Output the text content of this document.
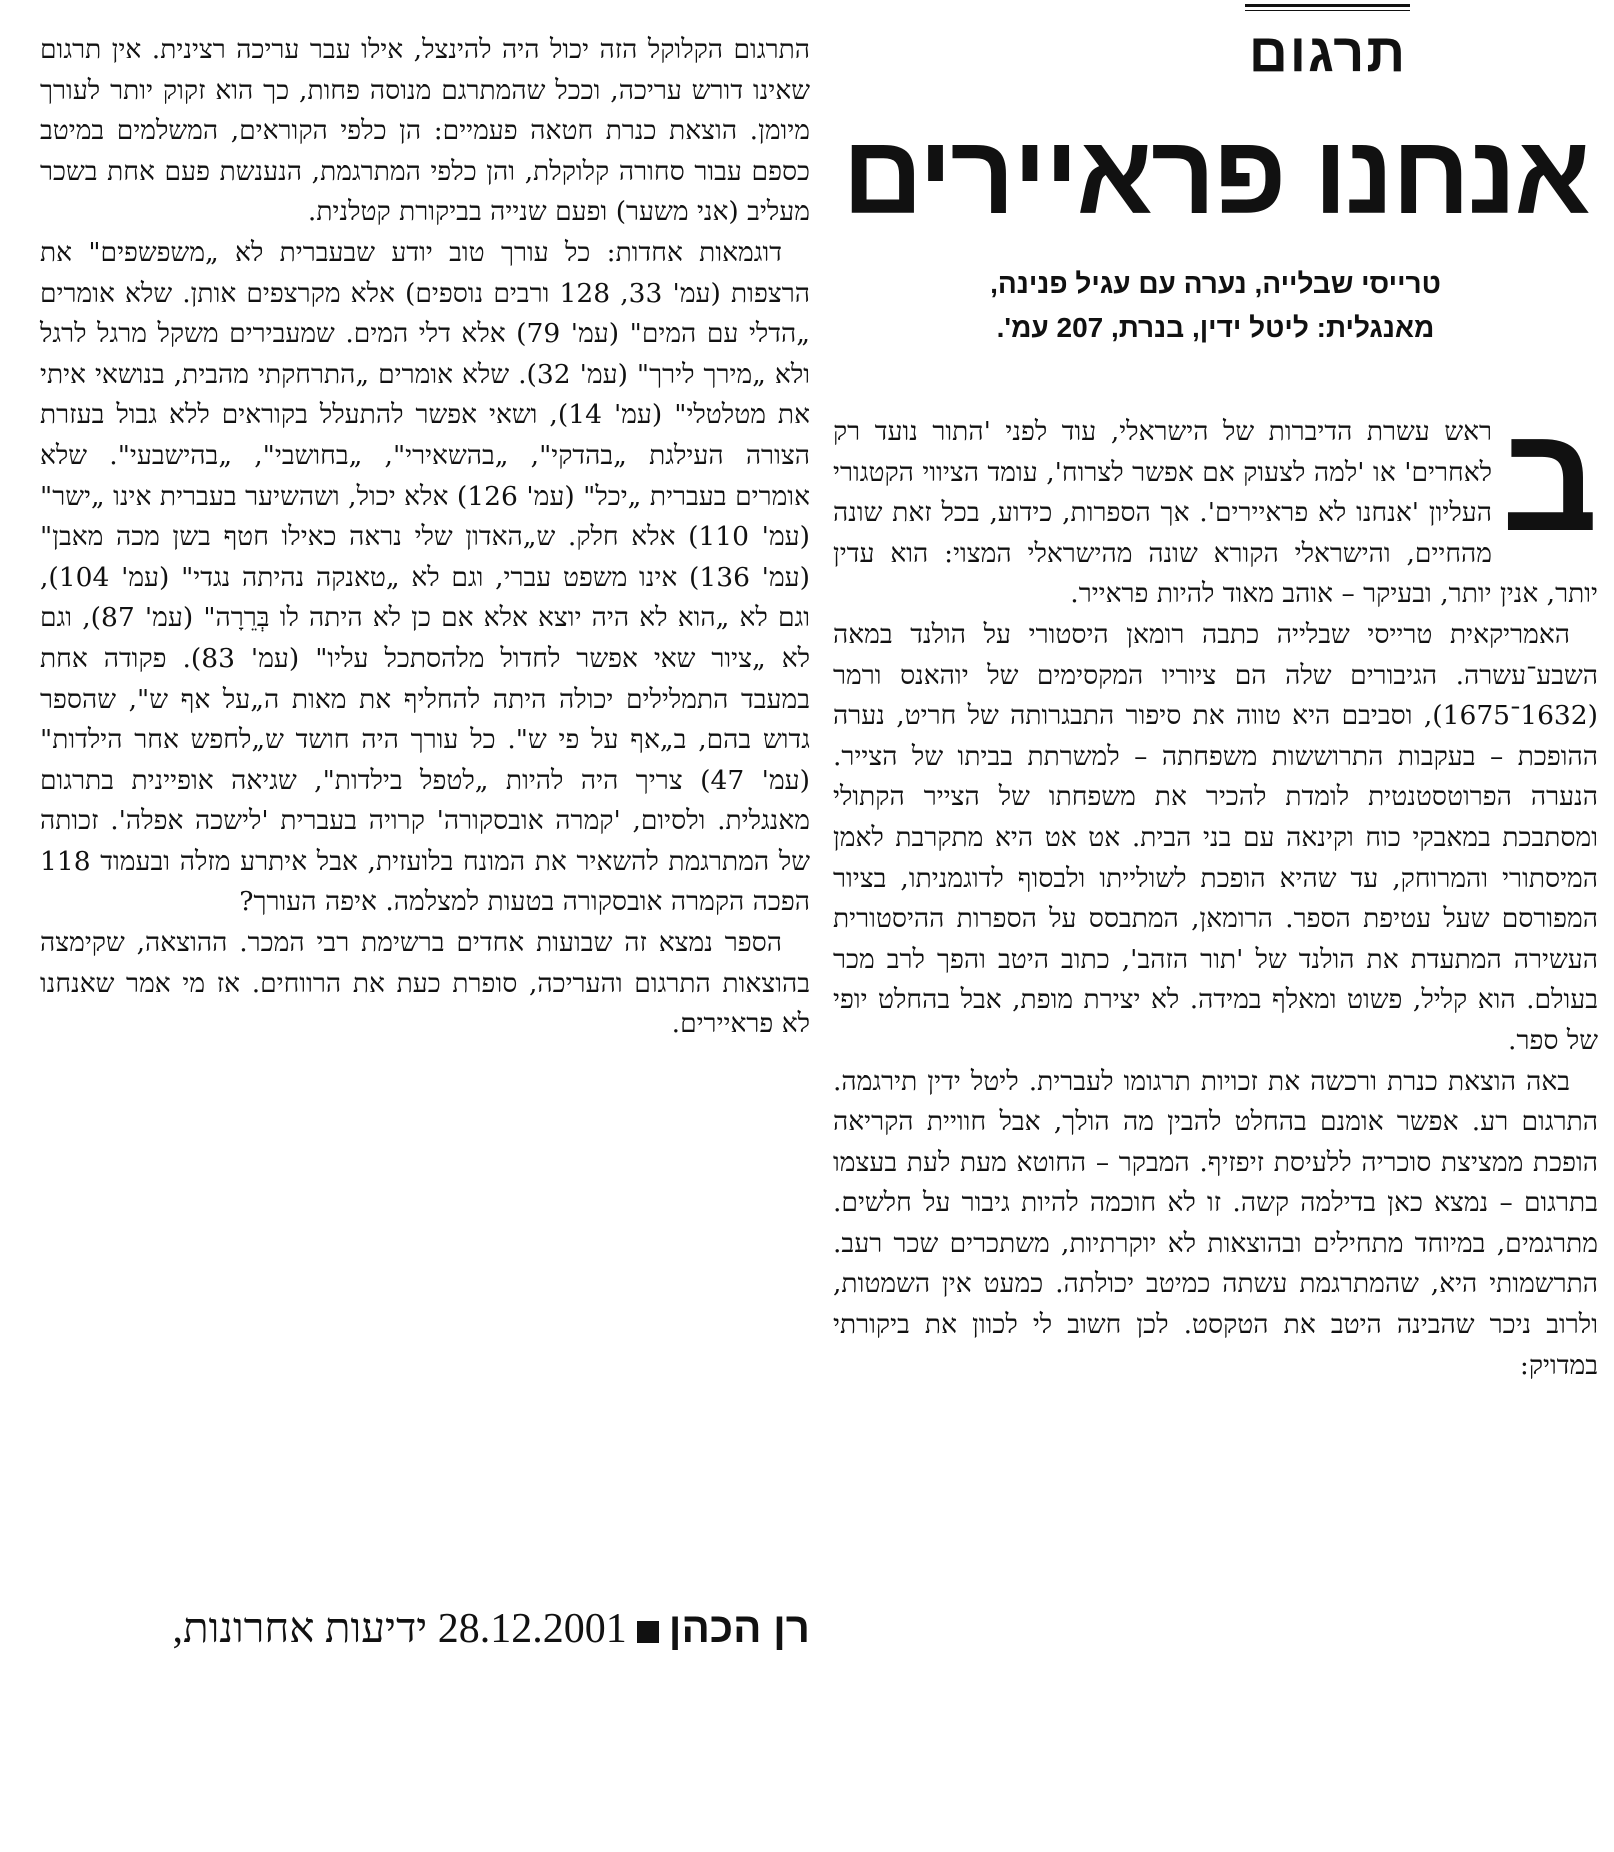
תרגום
אנחנו פראיירים
טרייסי שבלייה, נערה עם עגיל פנינה,
מאנגלית: ליטל ידין, בנרת, 207 עמ'.

ב
ראש עשרת הדיברות של הישראלי, עוד לפני 'התור נועד רק לאחרים' או 'למה לצעוק אם אפשר לצרוח', עומד הציווי הקטגורי העליון 'אנחנו לא פראיירים'. אך הספרות, כידוע, בכל זאת שונה מהחיים, והישראלי הקורא שונה מהישראלי המצוי: הוא עדין יותר, אנין יותר, ובעיקר – אוהב מאוד להיות פראייר.

האמריקאית טרייסי שבלייה כתבה רומאן היסטורי על הולנד במאה השבע־עשרה. הגיבורים שלה הם ציוריו המקסימים של יוהאנס ורמר (1632־1675), וסביבם היא טווה את סיפור התבגרותה של חריט, נערה ההופכת – בעקבות התרוששות משפחתה – למשרתת בביתו של הצייר. הנערה הפרוטסטנטית לומדת להכיר את משפחתו של הצייר הקתולי ומסתבכת במאבקי כוח וקינאה עם בני הבית. אט אט היא מתקרבת לאמן המיסתורי והמרוחק, עד שהיא הופכת לשולייתו ולבסוף לדוגמניתו, בציור המפורסם שעל עטיפת הספר. הרומאן, המתבסס על הספרות ההיסטורית העשירה המתעדת את הולנד של 'תור הזהב', כתוב היטב והפך לרב מכר בעולם. הוא קליל, פשוט ומאלף במידה. לא יצירת מופת, אבל בהחלט יופי של ספר.

באה הוצאת כנרת ורכשה את זכויות תרגומו לעברית. ליטל ידין תירגמה. התרגום רע. אפשר אומנם בהחלט להבין מה הולך, אבל חוויית הקריאה הופכת ממציצת סוכריה ללעיסת זיפזיף. המבקר – החוטא מעת לעת בעצמו בתרגום – נמצא כאן בדילמה קשה. זו לא חוכמה להיות גיבור על חלשים. מתרגמים, במיוחד מתחילים ובהוצאות לא יוקרתיות, משתכרים שכר רעב. התרשמותי היא, שהמתרגמת עשתה כמיטב יכולתה. כמעט אין השמטות, ולרוב ניכר שהבינה היטב את הטקסט. לכן חשוב לי לכוון את ביקורתי במדויק:

התרגום הקלוקל הזה יכול היה להינצל, אילו עבר עריכה רצינית. אין תרגום שאינו דורש עריכה, וככל שהמתרגם מנוסה פחות, כך הוא זקוק יותר לעורך מיומן. הוצאת כנרת חטאה פעמיים: הן כלפי הקוראים, המשלמים במיטב כספם עבור סחורה קלוקלת, והן כלפי המתרגמת, הנענשת פעם אחת בשכר מעליב (אני משער) ופעם שנייה בביקורת קטלנית.

דוגמאות אחדות: כל עורך טוב יודע שבעברית לא „משפשפים" את הרצפות (עמ' 33, 128 ורבים נוספים) אלא מקרצפים אותן. שלא אומרים „הדלי עם המים" (עמ' 79) אלא דלי המים. שמעבירים משקל מרגל לרגל ולא „מירך לירך" (עמ' 32). שלא אומרים „התרחקתי מהבית, בנושאי איתי את מטלטלי" (עמ' 14), ושאי אפשר להתעלל בקוראים ללא גבול בעזרת הצורה העילגת „בהדקי", „בהשאירי", „בחושבי", „בהישבעי". שלא אומרים בעברית „יכל" (עמ' 126) אלא יכול, ושהשיער בעברית אינו „ישר" (עמ' 110) אלא חלק. ש„האדון שלי נראה כאילו חטף בשן מכה מאבן" (עמ' 136) אינו משפט עברי, וגם לא „טאנקה נהיתה נגדי" (עמ' 104), וגם לא „הוא לא היה יוצא אלא אם כן לא היתה לו בְּרֵרָה" (עמ' 87), וגם לא „ציור שאי אפשר לחדול מלהסתכל עליו" (עמ' 83). פקודה אחת במעבד התמלילים יכולה היתה להחליף את מאות ה„על אף ש", שהספר גדוש בהם, ב„אף על פי ש". כל עורך היה חושד ש„לחפש אחר הילדות" (עמ' 47) צריך היה להיות „לטפל בילדות", שגיאה אופיינית בתרגום מאנגלית. ולסיום, 'קמרה אובסקורה' קרויה בעברית 'לישכה אפלה'. זכותה של המתרגמת להשאיר את המונח בלועזית, אבל איתרע מזלה ובעמוד 118 הפכה הקמרה אובסקורה בטעות למצלמה. איפה העורך?

הספר נמצא זה שבועות אחדים ברשימת רבי המכר. ההוצאה, שקימצה בהוצאות התרגום והעריכה, סופרת כעת את הרווחים. אז מי אמר שאנחנו לא פראיירים.

רן הכהן28.12.2001 ידיעות אחרונות,
